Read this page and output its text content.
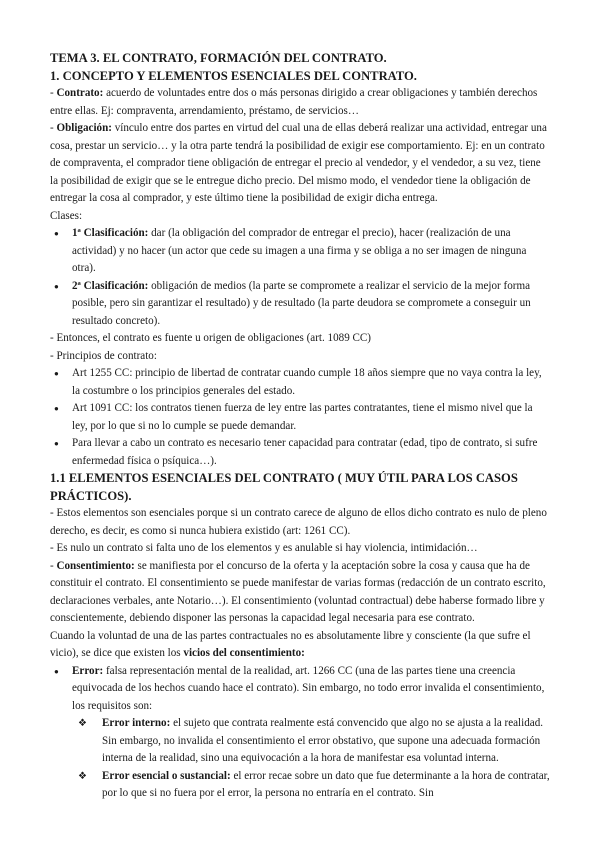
TEMA 3. EL CONTRATO, FORMACIÓN DEL CONTRATO.

1. CONCEPTO Y ELEMENTOS ESENCIALES DEL CONTRATO.

- Contrato: acuerdo de voluntades entre dos o más personas dirigido a crear obligaciones y también derechos entre ellas. Ej: compraventa, arrendamiento, préstamo, de servicios…

- Obligación: vínculo entre dos partes en virtud del cual una de ellas deberá realizar una actividad, entregar una cosa, prestar un servicio… y la otra parte tendrá la posibilidad de exigir ese comportamiento. Ej: en un contrato de compraventa, el comprador tiene obligación de entregar el precio al vendedor, y el vendedor, a su vez, tiene la posibilidad de exigir que se le entregue dicho precio. Del mismo modo, el vendedor tiene la obligación de entregar la cosa al comprador, y este último tiene la posibilidad de exigir dicha entrega.

Clases:

● 1ª Clasificación: dar (la obligación del comprador de entregar el precio), hacer (realización de una actividad) y no hacer (un actor que cede su imagen a una firma y se obliga a no ser imagen de ninguna otra).
● 2ª Clasificación: obligación de medios (la parte se compromete a realizar el servicio de la mejor forma posible, pero sin garantizar el resultado) y de resultado (la parte deudora se compromete a conseguir un resultado concreto).

- Entonces, el contrato es fuente u origen de obligaciones (art. 1089 CC)

- Principios de contrato:

● Art 1255 CC: principio de libertad de contratar cuando cumple 18 años siempre que no vaya contra la ley, la costumbre o los principios generales del estado.
● Art 1091 CC: los contratos tienen fuerza de ley entre las partes contratantes, tiene el mismo nivel que la ley, por lo que si no lo cumple se puede demandar.
● Para llevar a cabo un contrato es necesario tener capacidad para contratar (edad, tipo de contrato, si sufre enfermedad física o psíquica…).

1.1 ELEMENTOS ESENCIALES DEL CONTRATO ( MUY ÚTIL PARA LOS CASOS PRÁCTICOS).

- Estos elementos son esenciales porque si un contrato carece de alguno de ellos dicho contrato es nulo de pleno derecho, es decir, es como si nunca hubiera existido (art: 1261 CC).

- Es nulo un contrato si falta uno de los elementos y es anulable si hay violencia, intimidación…

- Consentimiento: se manifiesta por el concurso de la oferta y la aceptación sobre la cosa y causa que ha de constituir el contrato. El consentimiento se puede manifestar de varias formas (redacción de un contrato escrito, declaraciones verbales, ante Notario…). El consentimiento (voluntad contractual) debe haberse formado libre y conscientemente, debiendo disponer las personas la capacidad legal necesaria para ese contrato.

Cuando la voluntad de una de las partes contractuales no es absolutamente libre y consciente (la que sufre el vicio), se dice que existen los vicios del consentimiento:

● Error: falsa representación mental de la realidad, art. 1266 CC (una de las partes tiene una creencia equivocada de los hechos cuando hace el contrato). Sin embargo, no todo error invalida el consentimiento, los requisitos son:
❖ Error interno: el sujeto que contrata realmente está convencido que algo no se ajusta a la realidad. Sin embargo, no invalida el consentimiento el error obstativo, que supone una adecuada formación interna de la realidad, sino una equivocación a la hora de manifestar esa voluntad interna.
❖ Error esencial o sustancial: el error recae sobre un dato que fue determinante a la hora de contratar, por lo que si no fuera por el error, la persona no entraría en el contrato. Sin
